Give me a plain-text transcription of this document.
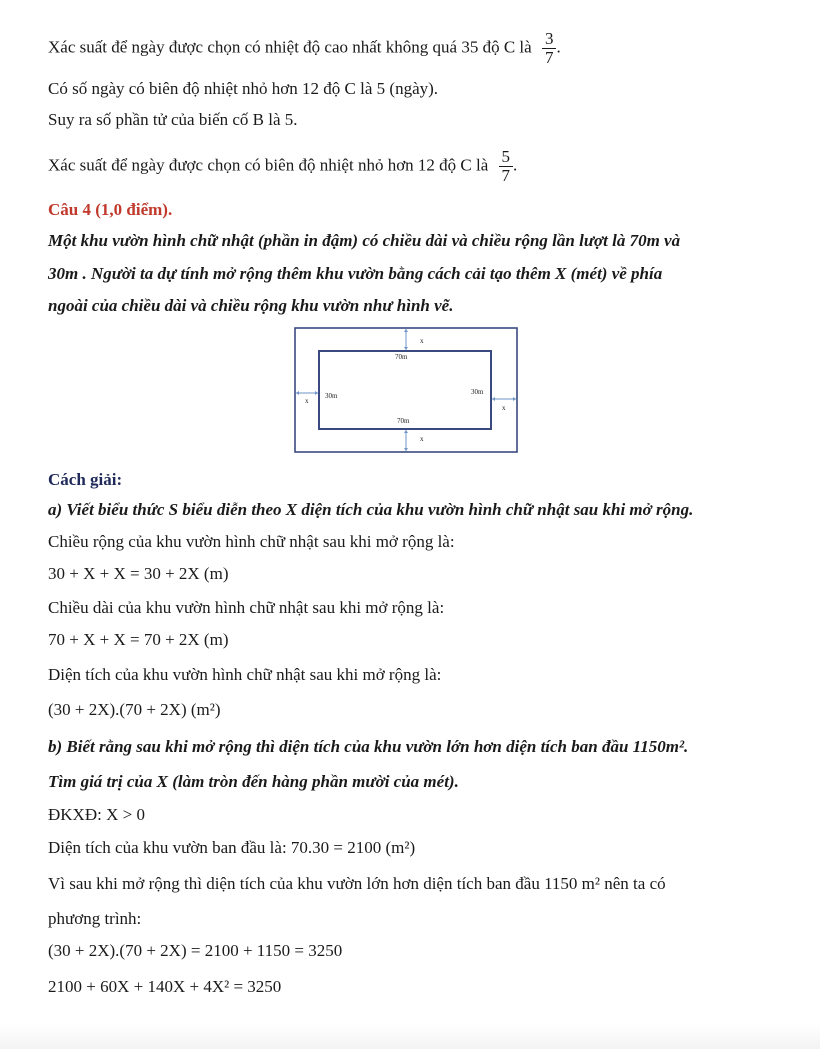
Xác suất để ngày được chọn có nhiệt độ cao nhất không quá 35 độ C là $\frac{3}{7}$ .
Có số ngày có biên độ nhiệt nhỏ hơn 12 độ C là 5 (ngày).
Suy ra số phần tử của biến cố B là 5.
Xác suất để ngày được chọn có biên độ nhiệt nhỏ hơn 12 độ C là $\frac{5}{7}$ .
Câu 4 (1,0 điểm).
Một khu vườn hình chữ nhật (phần in đậm) có chiều dài và chiều rộng lần lượt là 70m và
30m . Người ta dự tính mở rộng thêm khu vườn bằng cách cải tạo thêm X (mét) về phía
ngoài của chiều dài và chiều rộng khu vườn như hình vẽ.
x
70m
30m
x
30m
x
70m
x
Cách giải:
a) Viết biểu thức S biểu diễn theo X diện tích của khu vườn hình chữ nhật sau khi mở rộng.
Chiều rộng của khu vườn hình chữ nhật sau khi mở rộng là:
30 + X + X = 30 + 2X (m)
Chiều dài của khu vườn hình chữ nhật sau khi mở rộng là:
70 + X + X = 70 + 2X (m)
Diện tích của khu vườn hình chữ nhật sau khi mở rộng là:
(30 + 2X).(70 + 2X) (m²)
b) Biết rằng sau khi mở rộng thì diện tích của khu vườn lớn hơn diện tích ban đầu 1150m².
Tìm giá trị của X (làm tròn đến hàng phần mười của mét).
ĐKXĐ: X > 0
Diện tích của khu vườn ban đầu là: 70.30 = 2100 (m²)
Vì sau khi mở rộng thì diện tích của khu vườn lớn hơn diện tích ban đầu 1150 m² nên ta có
phương trình:
(30 + 2X).(70 + 2X) = 2100 + 1150 = 3250
2100 + 60X + 140X + 4X² = 3250
